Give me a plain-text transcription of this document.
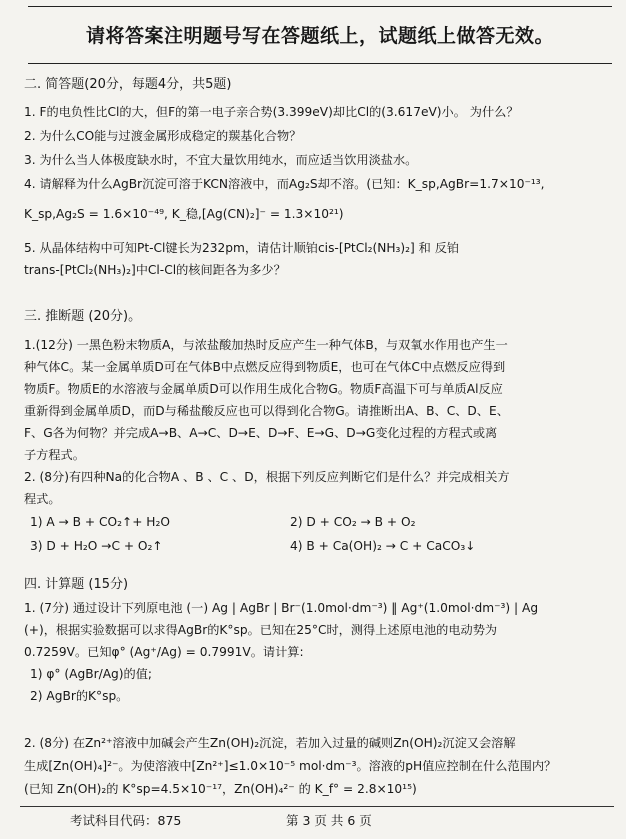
请将答案注明题号写在答题纸上，试题纸上做答无效。
二. 简答题(20分，每题4分，共5题)
1. F的电负性比Cl的大，但F的第一电子亲合势(3.399eV)却比Cl的(3.617eV)小。 为什么？
2. 为什么CO能与过渡金属形成稳定的羰基化合物？
3. 为什么当人体极度缺水时，不宜大量饮用纯水，而应适当饮用淡盐水。
4. 请解释为什么AgBr沉淀可溶于KCN溶液中，而Ag₂S却不溶。(已知：K_sp,AgBr=1.7×10⁻¹³,
K_sp,Ag₂S = 1.6×10⁻⁴⁹, K_稳,[Ag(CN)₂]⁻ = 1.3×10²¹)
5. 从晶体结构中可知Pt-Cl键长为232pm，请估计顺铂cis-[PtCl₂(NH₃)₂] 和 反铂
trans-[PtCl₂(NH₃)₂]中Cl-Cl的核间距各为多少？
三. 推断题 (20分)。
1.(12分) 一黑色粉末物质A，与浓盐酸加热时反应产生一种气体B，与双氧水作用也产生一
种气体C。某一金属单质D可在气体B中点燃反应得到物质E，也可在气体C中点燃反应得到
物质F。物质E的水溶液与金属单质D可以作用生成化合物G。物质F高温下可与单质Al反应
重新得到金属单质D，而D与稀盐酸反应也可以得到化合物G。请推断出A、B、C、D、E、
F、G各为何物？并完成A→B、A→C、D→E、D→F、E→G、D→G变化过程的方程式或离
子方程式。
2. (8分)有四种Na的化合物A 、B 、C 、D，根据下列反应判断它们是什么？并完成相关方
程式。
1) A → B + CO₂↑+ H₂O	2) D + CO₂ → B + O₂
3) D + H₂O →C + O₂↑	4) B + Ca(OH)₂ → C + CaCO₃↓
四. 计算题 (15分)
1. (7分) 通过设计下列原电池 (一) Ag | AgBr | Br⁻(1.0mol·dm⁻³) ‖ Ag⁺(1.0mol·dm⁻³) | Ag
(+)，根据实验数据可以求得AgBr的K°sp。已知在25°C时，测得上述原电池的电动势为
0.7259V。已知φ° (Ag⁺/Ag) = 0.7991V。请计算:
1) φ° (AgBr/Ag)的值;
2) AgBr的K°sp。
2. (8分) 在Zn²⁺溶液中加碱会产生Zn(OH)₂沉淀，若加入过量的碱则Zn(OH)₂沉淀又会溶解
生成[Zn(OH)₄]²⁻。为使溶液中[Zn²⁺]≤1.0×10⁻⁵ mol·dm⁻³。溶液的pH值应控制在什么范围内？
(已知 Zn(OH)₂的 K°sp=4.5×10⁻¹⁷，Zn(OH)₄²⁻ 的 K_f° = 2.8×10¹⁵)
考试科目代码：875	第 3 页 共 6 页
